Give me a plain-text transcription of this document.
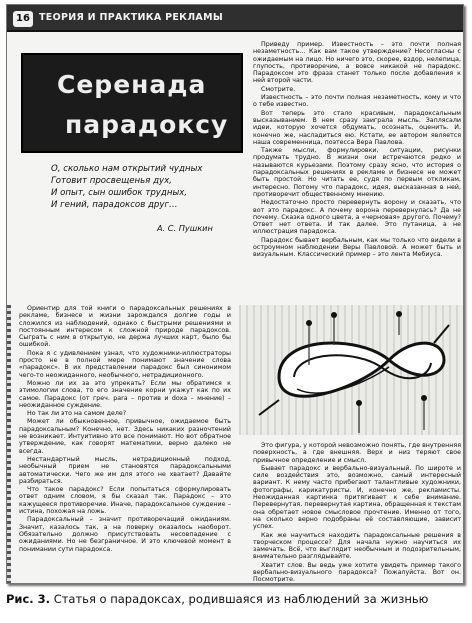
16 ТЕОРИЯ И ПРАКТИКА РЕКЛАМЫ
Серенада
парадоксу
О, сколько нам открытий чудных
Готовит просвещенья дух,
И опыт, сын ошибок трудных,
И гений, парадоксов друг…
А. С. Пушкин

Ориентир для той книги о парадоксальных решениях в рекламе, бизнесе и жизни зарождался долгие годы и сложился из наблюдений, однако с быстрыми решениями и постоянным интересом к сложной природе парадоксов. Сыграть с ним в открытую, не держа лучших карт, было бы ошибкой.

Пока я с удивлением узнал, что художники-иллюстраторы просто не в полной мере понимают значение слова «парадокс». В их представлении парадокс был синонимом чего-то неожиданного, необычного, нетрадиционного.

Можно ли их за это упрекать? Если мы обратимся к этимологии слова, то его значение корни укажут как по их самое. Парадокс (от греч. para – против и doxa – мнение) – неожиданное суждение.

Но так ли это на самом деле?

Может ли обыкновенное, привычное, ожидаемое быть парадоксальным? Конечно, нет. Здесь никаких разночтений не возникает. Интуитивно это все понимают. Но вот обратное утверждение, как говорят математики, верно далеко не всегда.

Нестандартный мысль, нетрадиционный подход, необычный прием не становятся парадоксальными автоматически. Чего же им для этого не хватает? Давайте разбираться.

Что такое парадокс? Если попытаться сформулировать ответ одним словом, я бы сказал так. Парадокс – это кажущееся противоречие. Иначе, парадоксальное суждение – истина, похожая на ложь.

Парадоксальный – значит противоречащий ожиданиям. Значит, казалось так, а на поверку оказалось наоборот. Обязательно должно присутствовать несовпадение с ожиданиями. Но не безграничное. И это ключевой момент в понимании сути парадокса.

Приведу пример. Известность – это почти полная незаметность… Как вам такое утверждение? Несогласны с ожидаемым на лицо. Но ничего это, скорее, вздор, нелепица, глупость, противоречие, а вовсе никакой не парадокс. Парадоксом это фраза станет только после добавления к ней второй части.

Смотрите.

Известность – это почти полная незаметность, кому и что о тебе известно.

Вот теперь это стало красивым, парадоксальным высказыванием. В нем сразу заиграла мысль. Заплясали идеи, которую хочется обдумать, осознать, оценить. И, конечно же, насладиться ею. Кстати, ее автором является наша современница, поэтесса Вера Павлова.

Также мысли, формулировки, ситуации, рисунки продумать трудно. В жизни они встречаются редко и называются курьезами. Поэтому сразу ясно, что история о парадоксальных решениях в рекламе и бизнесе не может быть простой. Но читать ее, судя по первым откликам, интересно. Потому что парадокс, идея, высказанная в ней, противоречит общественному мнению.

Недостаточно просто перевернуть ворону и сказать, что вот это парадокс. А почему ворона перевернулась? Да не почему. Сказка одного цвета, а «черновая» другого. Почему? Ответ нет ответа. И так далее. Это путаница, а не иллюстрация парадокса.

Парадокс бывает вербальным, как мы только что видели в остроумном наблюдении Веры Павловой. А может быть и визуальным. Классический пример – это лента Мебиуса.

Это фигура, у которой невозможно понять, где внутренняя поверхность, а где внешняя. Верх и низ теряют свое привычное определение и смысл.

Бывает парадокс и вербально-визуальный. По широте и силе воздействия это, возможно, самый интересный вариант. К нему часто прибегают талантливые художники, фотографы, карикатуристы. И, конечно же, рекламисты. Неожиданная картинка притягивает к себе внимание. Перевернутая, перевернутая картина, обращенная к текстам она обретает новое смысловое прочтение. Именно от того, на сколько верно подобраны её составляющие, зависит успех.

Как же научиться находить парадоксальные решения в творческом процессе? Для начала нужно научиться их замечать. Всё, что выглядит необычным и подозрительным, внимательно разглядывайте.

Хватит слов. Вы ведь уже хотите увидеть пример такого вербально-визуального парадокса? Пожалуйста. Вот он. Посмотрите.

Рис. 3. Статья о парадоксах, родившаяся из наблюдений за жизнью
